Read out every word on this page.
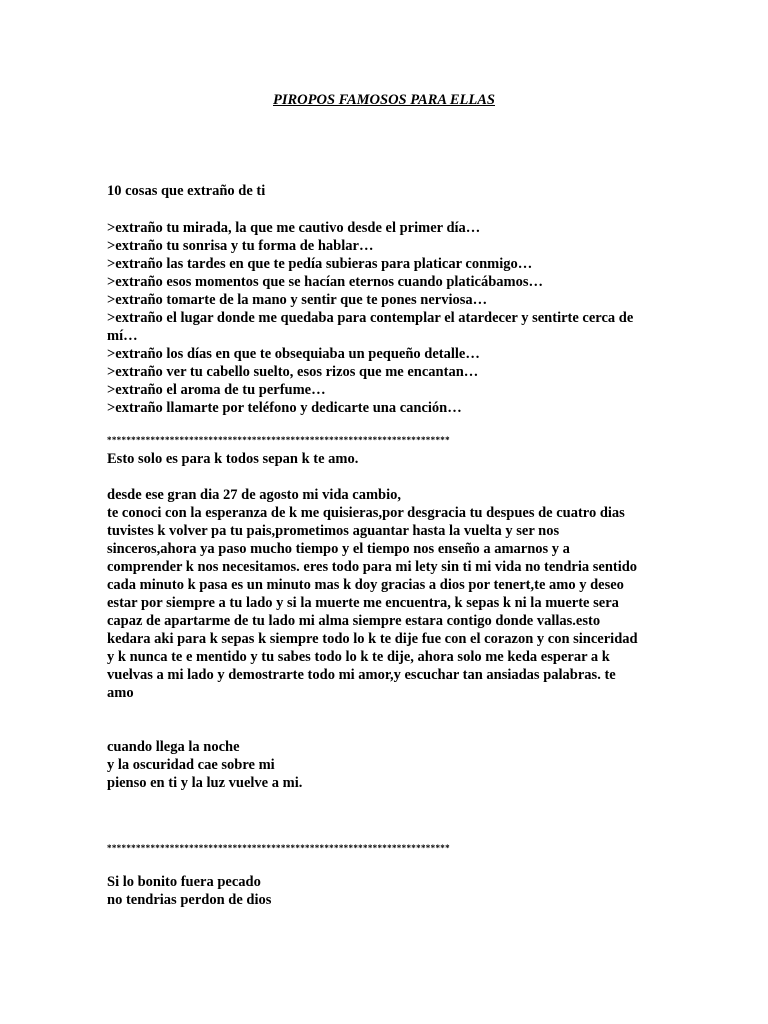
PIROPOS FAMOSOS PARA ELLAS
10 cosas que extraño de ti
>extraño tu mirada, la que me cautivo desde el primer día…
>extraño tu sonrisa y tu forma de hablar…
>extraño las tardes en que te pedía subieras para platicar conmigo…
>extraño esos momentos que se hacían eternos cuando platicábamos…
>extraño tomarte de la mano y sentir que te pones nerviosa…
>extraño el lugar donde me quedaba para contemplar el atardecer y sentirte cerca de
mí…
>extraño los días en que te obsequiaba un pequeño detalle…
>extraño ver tu cabello suelto, esos rizos que me encantan…
>extraño el aroma de tu perfume…
>extraño llamarte por teléfono y dedicarte una canción…
***********************************************************************
Esto solo es para k todos sepan k te amo.
desde ese gran dia 27 de agosto mi vida cambio,
te conoci con la esperanza de k me quisieras,por desgracia tu despues de cuatro dias
tuvistes k volver pa tu pais,prometimos aguantar hasta la vuelta y ser nos
sinceros,ahora ya paso mucho tiempo y el tiempo nos enseño a amarnos y a
comprender k nos necesitamos. eres todo para mi lety sin ti mi vida no tendria sentido
cada minuto k pasa es un minuto mas k doy gracias a dios por tenert,te amo y deseo
estar por siempre a tu lado y si la muerte me encuentra, k sepas k ni la muerte sera
capaz de apartarme de tu lado mi alma siempre estara contigo donde vallas.esto
kedara aki para k sepas k siempre todo lo k te dije fue con el corazon y con sinceridad
y k nunca te e mentido y tu sabes todo lo k te dije, ahora solo me keda esperar a k
vuelvas a mi lado y demostrarte todo mi amor,y escuchar tan ansiadas palabras. te
amo
cuando llega la noche
y la oscuridad cae sobre mi
pienso en ti y la luz vuelve a mi.
***********************************************************************
Si lo bonito fuera pecado
no tendrias perdon de dios
